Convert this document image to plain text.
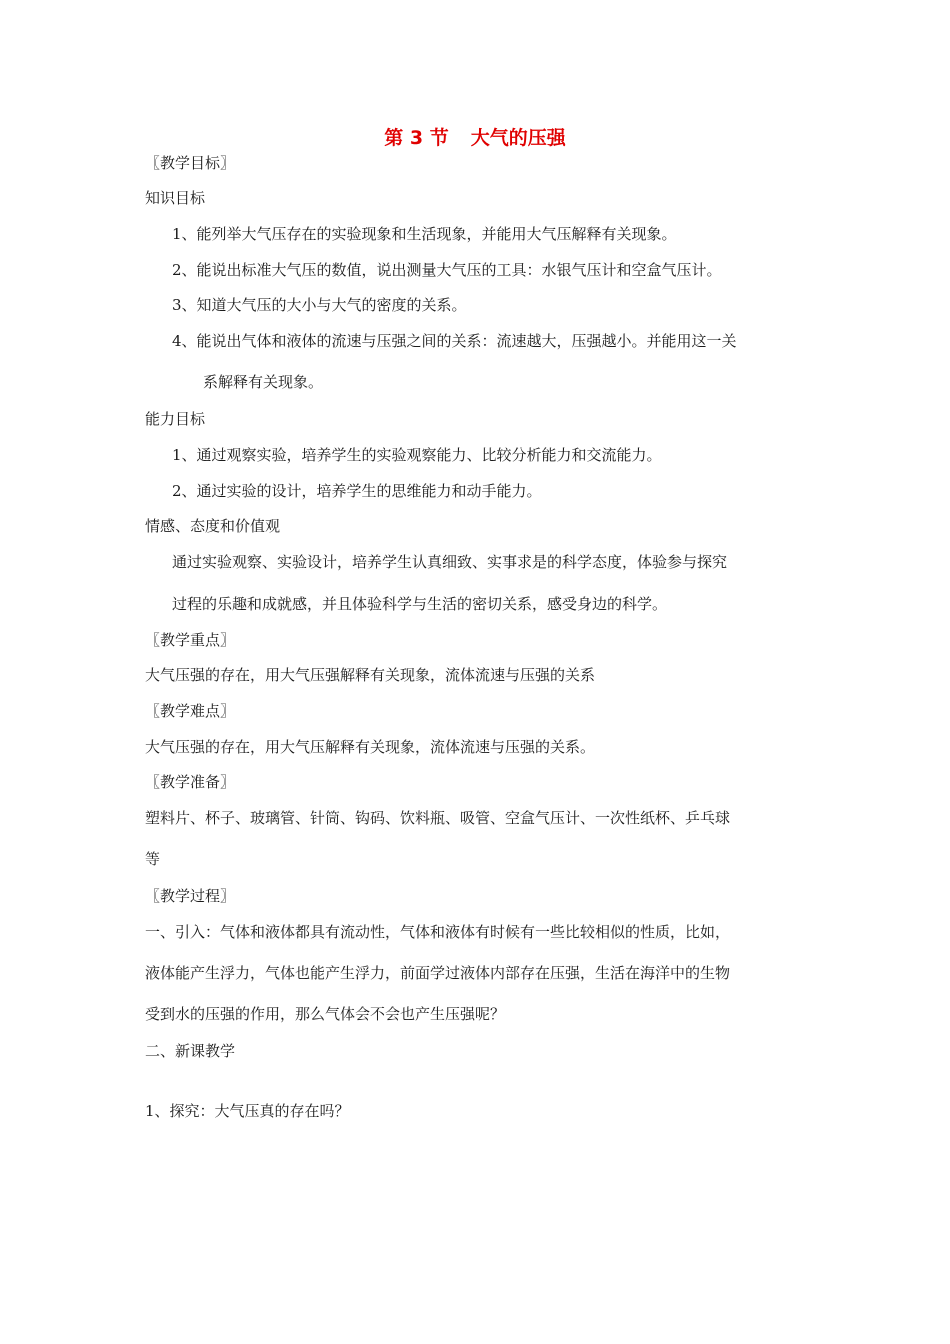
第 3 节 大气的压强
〖教学目标〗
知识目标
1、能列举大气压存在的实验现象和生活现象，并能用大气压解释有关现象。
2、能说出标准大气压的数值，说出测量大气压的工具：水银气压计和空盒气压计。
3、知道大气压的大小与大气的密度的关系。
4、能说出气体和液体的流速与压强之间的关系：流速越大，压强越小。并能用这一关
系解释有关现象。
能力目标
1、通过观察实验，培养学生的实验观察能力、比较分析能力和交流能力。
2、通过实验的设计，培养学生的思维能力和动手能力。
情感、态度和价值观
通过实验观察、实验设计，培养学生认真细致、实事求是的科学态度，体验参与探究
过程的乐趣和成就感，并且体验科学与生活的密切关系，感受身边的科学。
〖教学重点〗
大气压强的存在，用大气压强解释有关现象，流体流速与压强的关系
〖教学难点〗
大气压强的存在，用大气压解释有关现象，流体流速与压强的关系。
〖教学准备〗
塑料片、杯子、玻璃管、针筒、钩码、饮料瓶、吸管、空盒气压计、一次性纸杯、乒乓球
等
〖教学过程〗
一、引入：气体和液体都具有流动性，气体和液体有时候有一些比较相似的性质，比如，
液体能产生浮力，气体也能产生浮力，前面学过液体内部存在压强，生活在海洋中的生物
受到水的压强的作用，那么气体会不会也产生压强呢？
二、新课教学
1、探究：大气压真的存在吗？
